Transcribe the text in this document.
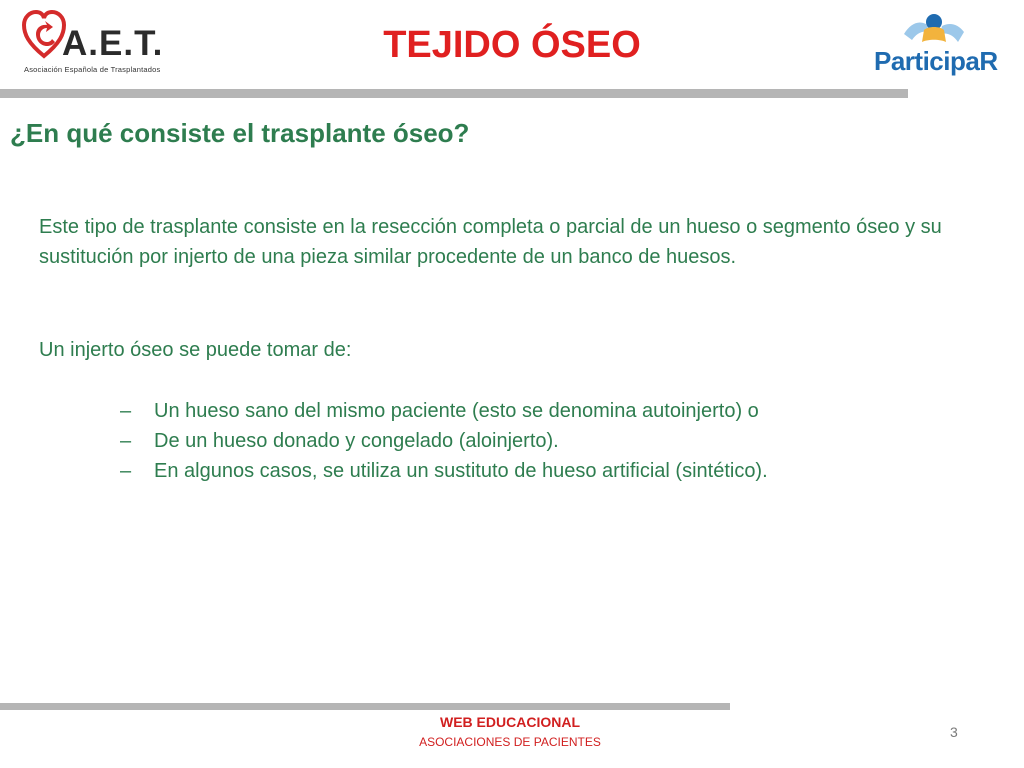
A.E.T.
Asociación Española de Trasplantados
TEJIDO ÓSEO	ParticipaR
¿En qué consiste el trasplante óseo?
Este tipo de trasplante consiste en la resección completa o parcial de un hueso o segmento óseo y su sustitución por injerto de una pieza similar procedente de un banco de huesos.
Un injerto óseo se puede tomar de:
–	Un hueso sano del mismo paciente (esto se denomina autoinjerto) o
–	De un hueso donado y congelado (aloinjerto).
–	En algunos casos, se utiliza un sustituto de hueso artificial (sintético).
WEB EDUCACIONAL
ASOCIACIONES DE PACIENTES
3
